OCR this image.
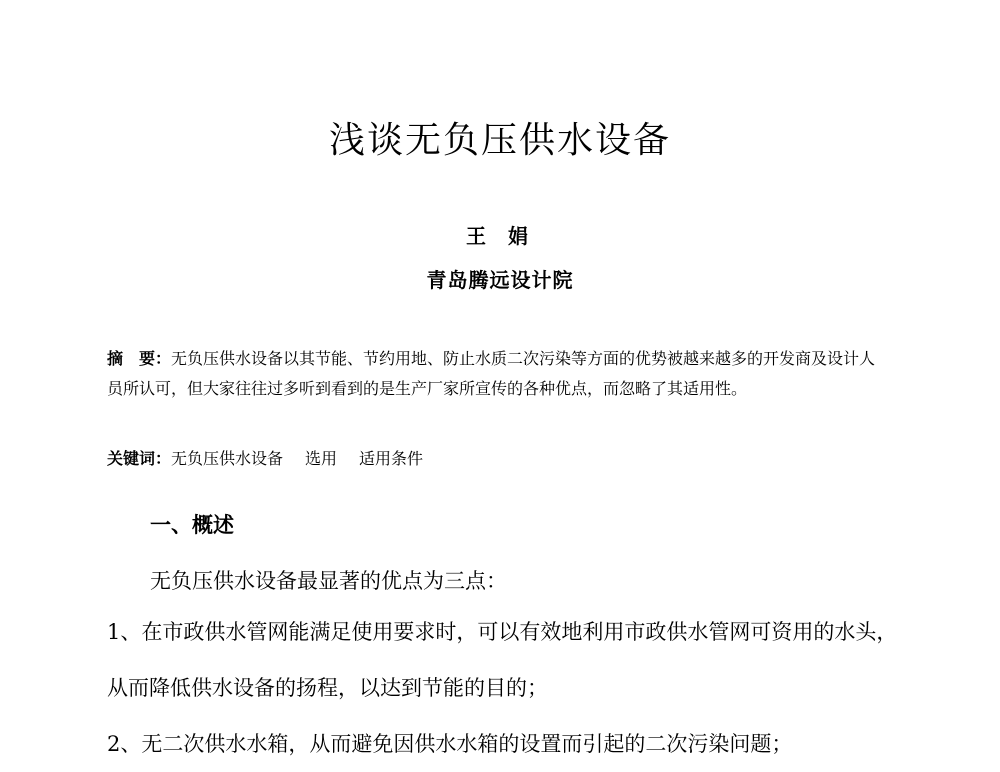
浅谈无负压供水设备
王 娟
青岛腾远设计院
摘　要：无负压供水设备以其节能、节约用地、防止水质二次污染等方面的优势被越来越多的开发商及设计人员所认可，但大家往往过多听到看到的是生产厂家所宣传的各种优点，而忽略了其适用性。
关键词：无负压供水设备 选用 适用条件
一、概述
无负压供水设备最显著的优点为三点：
1、在市政供水管网能满足使用要求时，可以有效地利用市政供水管网可资用的水头，从而降低供水设备的扬程，以达到节能的目的；
2、无二次供水水箱，从而避免因供水水箱的设置而引起的二次污染问题；
